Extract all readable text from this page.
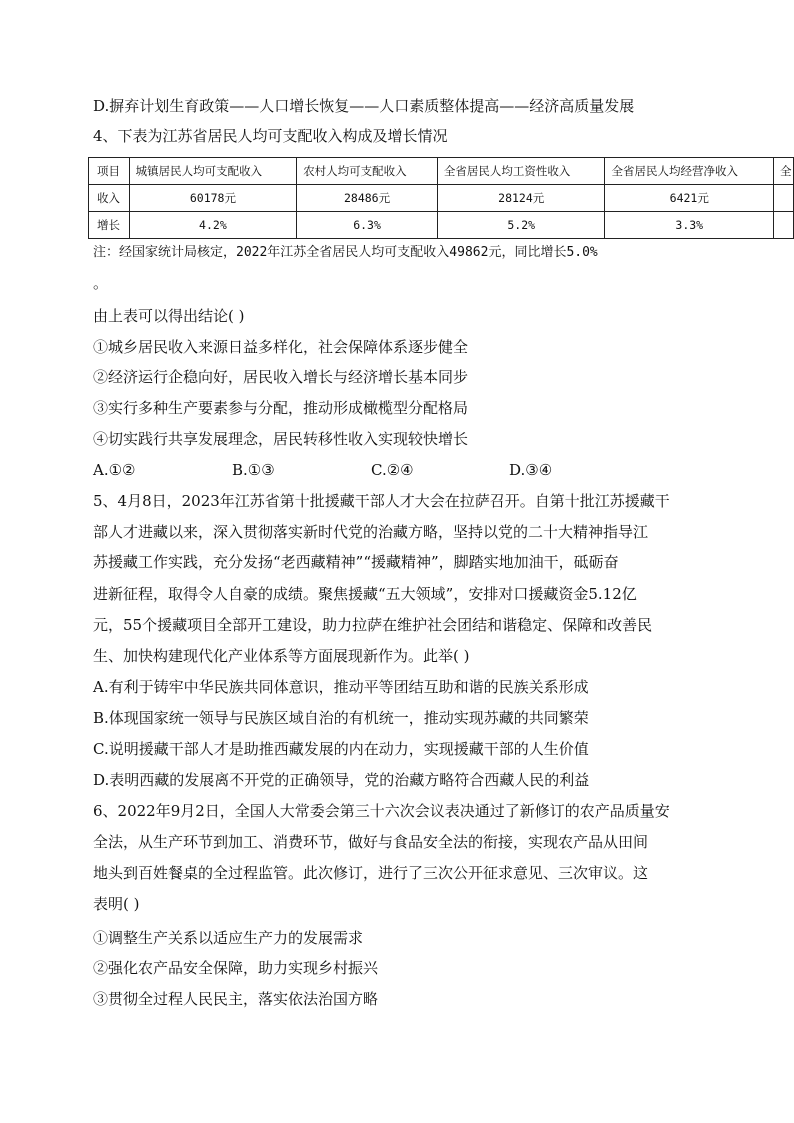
D.摒弃计划生育政策——人口增长恢复——人口素质整体提高——经济高质量发展
4、下表为江苏省居民人均可支配收入构成及增长情况
项目	城镇居民人均可支配收入	农村人均可支配收入	全省居民人均工资性收入	全省居民人均经营净收入	全
收入	60178元	28486元	28124元	6421元	
增长	4.2%	6.3%	5.2%	3.3%	
注：经国家统计局核定，2022年江苏全省居民人均可支配收入49862元，同比增长5.0%
。
由上表可以得出结论( )
①城乡居民收入来源日益多样化，社会保障体系逐步健全
②经济运行企稳向好，居民收入增长与经济增长基本同步
③实行多种生产要素参与分配，推动形成橄榄型分配格局
④切实践行共享发展理念，居民转移性收入实现较快增长
A.①②	B.①③	C.②④	D.③④
5、4月8日，2023年江苏省第十批援藏干部人才大会在拉萨召开。自第十批江苏援藏干
部人才进藏以来，深入贯彻落实新时代党的治藏方略，坚持以党的二十大精神指导江
苏援藏工作实践，充分发扬“老西藏精神”“援藏精神”，脚踏实地加油干，砥砺奋
进新征程，取得令人自豪的成绩。聚焦援藏“五大领域”，安排对口援藏资金5.12亿
元，55个援藏项目全部开工建设，助力拉萨在维护社会团结和谐稳定、保障和改善民
生、加快构建现代化产业体系等方面展现新作为。此举( )
A.有利于铸牢中华民族共同体意识，推动平等团结互助和谐的民族关系形成
B.体现国家统一领导与民族区域自治的有机统一，推动实现苏藏的共同繁荣
C.说明援藏干部人才是助推西藏发展的内在动力，实现援藏干部的人生价值
D.表明西藏的发展离不开党的正确领导，党的治藏方略符合西藏人民的利益
6、2022年9月2日，全国人大常委会第三十六次会议表决通过了新修订的农产品质量安
全法，从生产环节到加工、消费环节，做好与食品安全法的衔接，实现农产品从田间
地头到百姓餐桌的全过程监管。此次修订，进行了三次公开征求意见、三次审议。这
表明( )
①调整生产关系以适应生产力的发展需求
②强化农产品安全保障，助力实现乡村振兴
③贯彻全过程人民民主，落实依法治国方略
